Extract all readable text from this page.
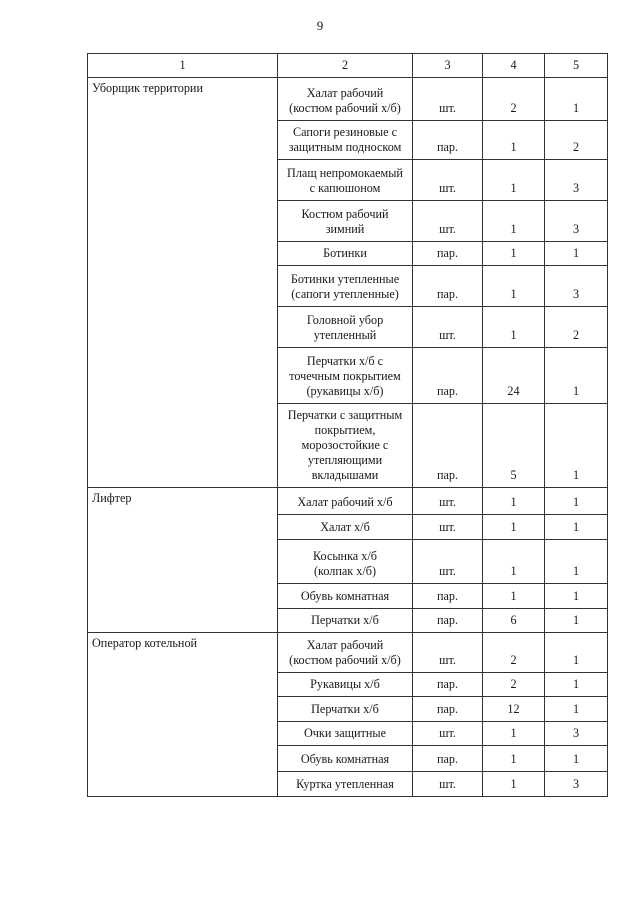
9
1	2	3	4	5
Уборщик территории	Халат рабочий
(костюм рабочий х/б)	шт.	2	1
	Сапоги резиновые с
защитным подноском	пар.	1	2
	Плащ непромокаемый
с капюшоном	шт.	1	3
	Костюм рабочий
зимний	шт.	1	3
	Ботинки	пар.	1	1
	Ботинки утепленные
(сапоги утепленные)	пар.	1	3
	Головной убор
утепленный	шт.	1	2
	Перчатки х/б с
точечным покрытием
(рукавицы х/б)	пар.	24	1
	Перчатки с защитным
покрытием,
морозостойкие с
утепляющими
вкладышами	пар.	5	1
Лифтер	Халат рабочий х/б	шт.	1	1
	Халат х/б	шт.	1	1
	Косынка х/б
(колпак х/б)	шт.	1	1
	Обувь комнатная	пар.	1	1
	Перчатки х/б	пар.	6	1
Оператор котельной	Халат рабочий
(костюм рабочий х/б)	шт.	2	1
	Рукавицы х/б	пар.	2	1
	Перчатки х/б	пар.	12	1
	Очки защитные	шт.	1	3
	Обувь комнатная	пар.	1	1
	Куртка утепленная	шт.	1	3
